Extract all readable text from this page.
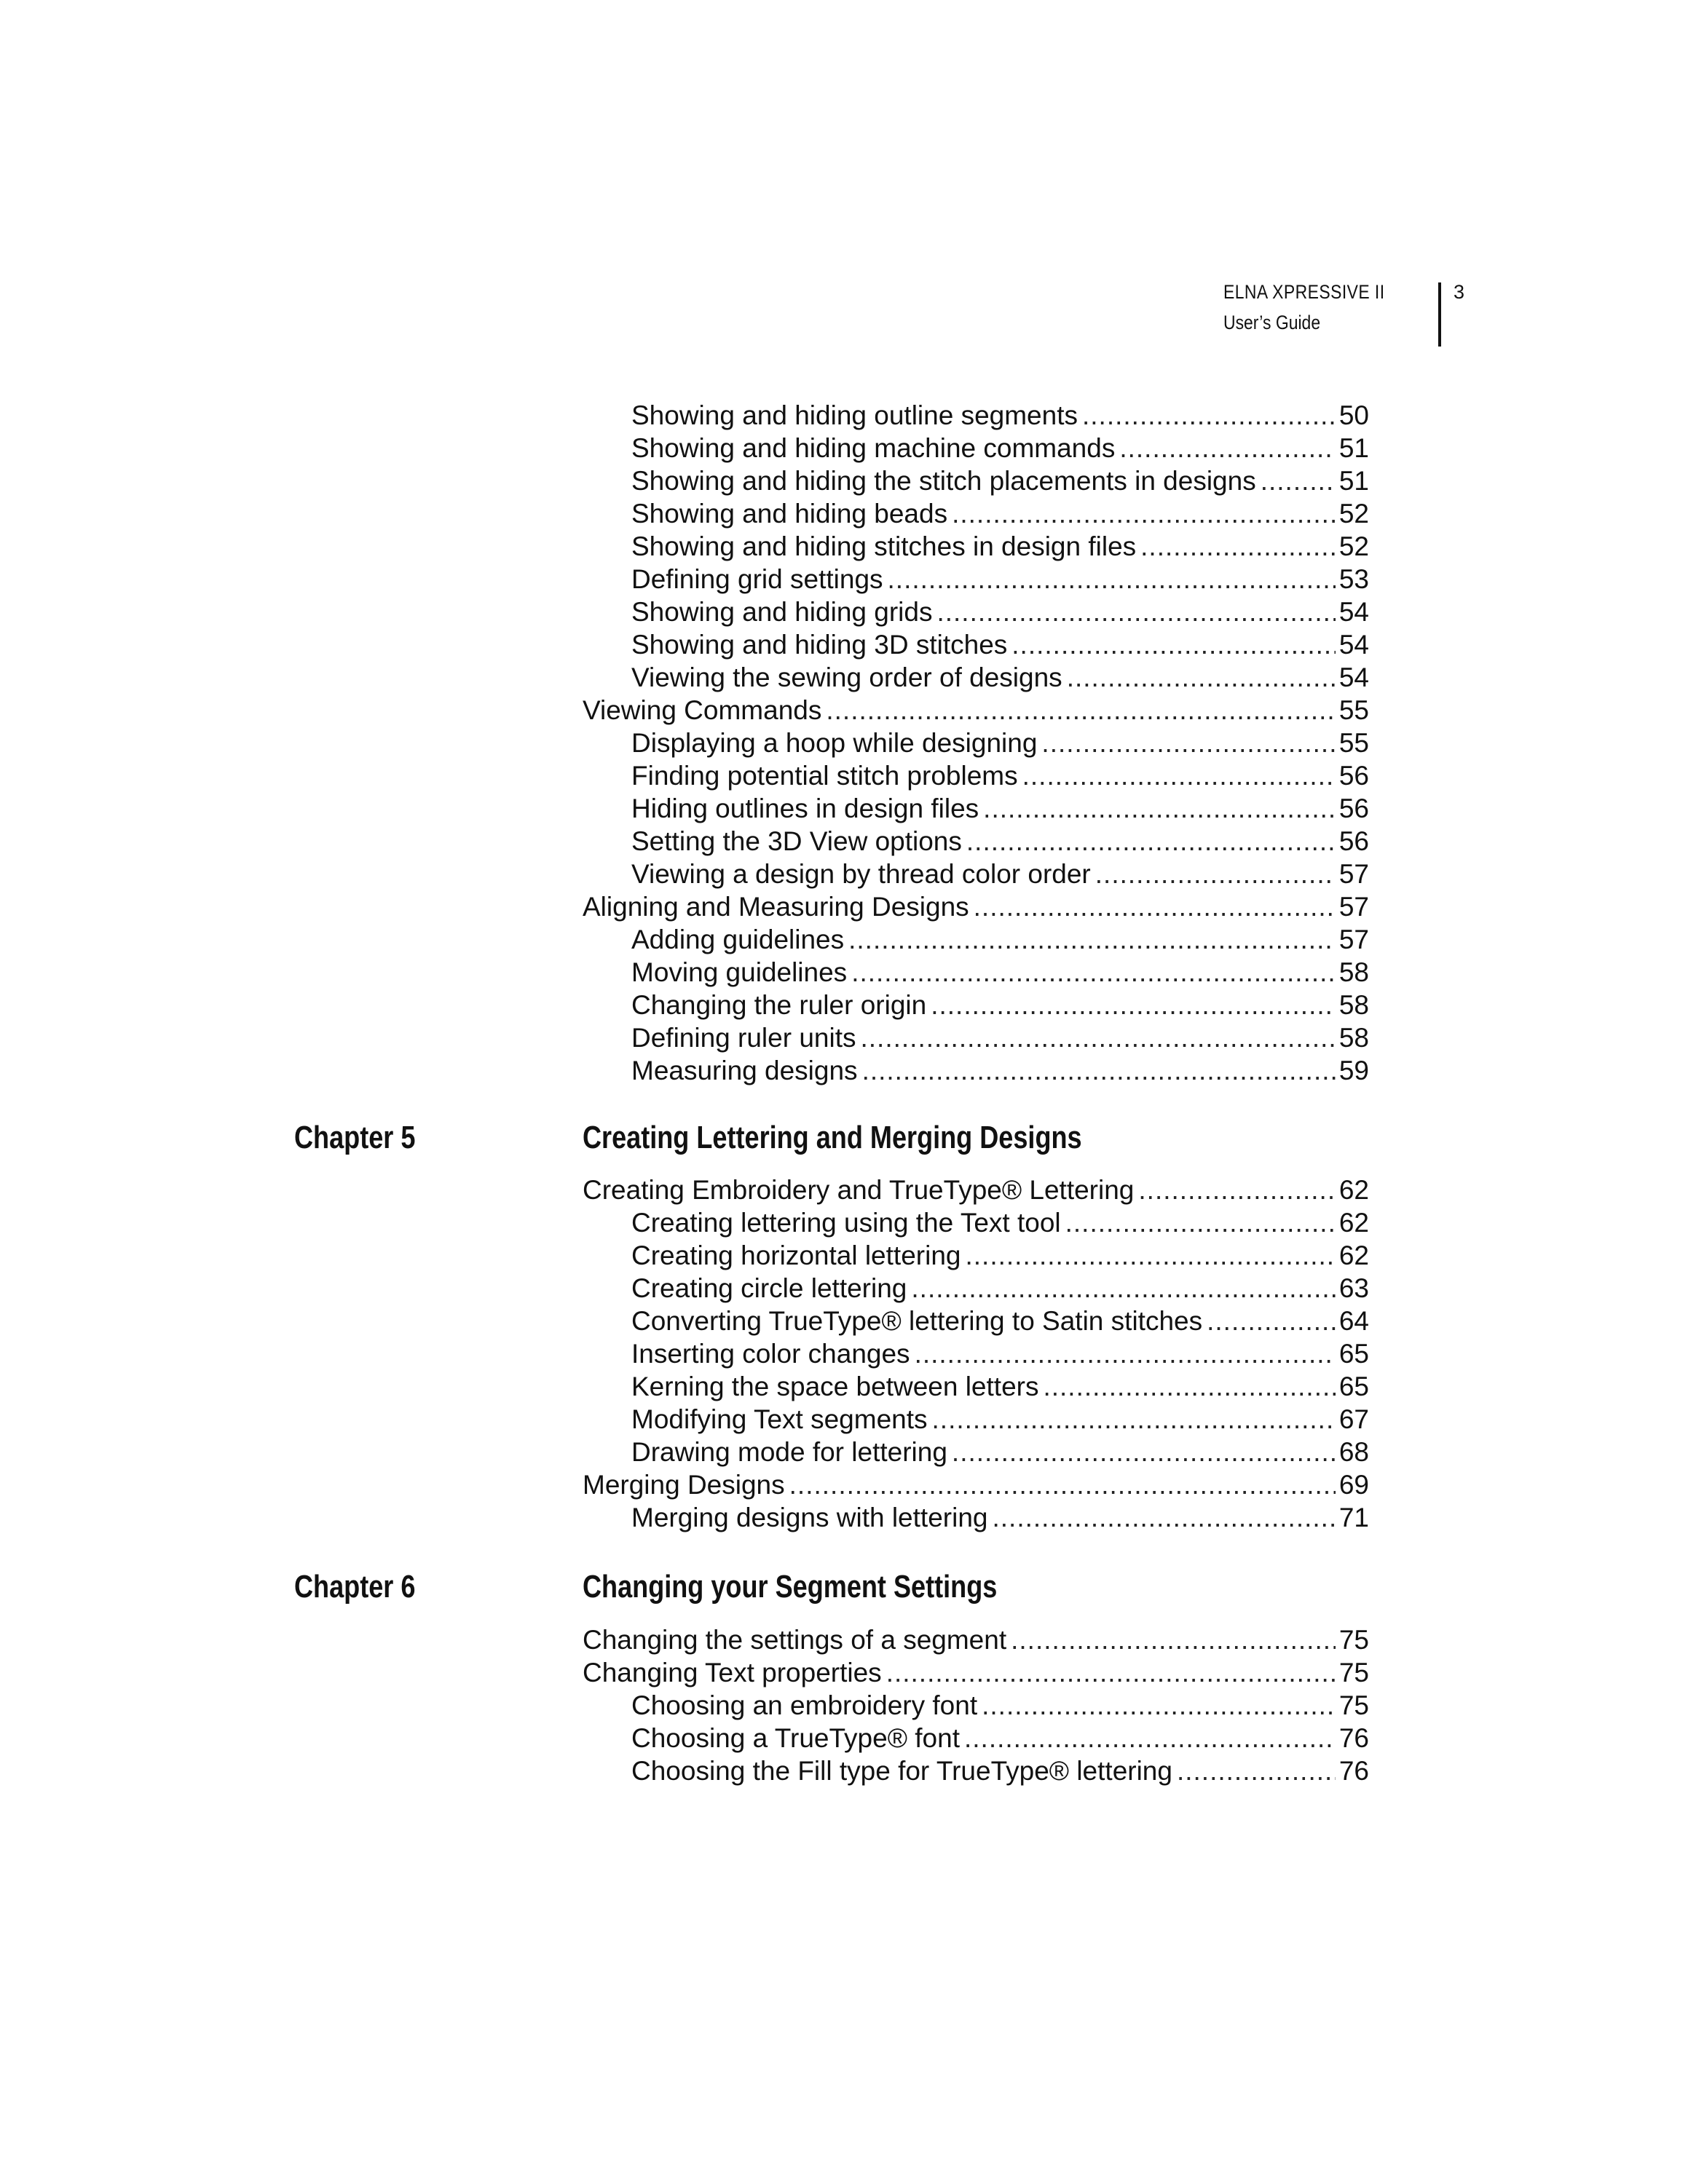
ELNA XPRESSIVE II
User’s Guide
3
Showing and hiding outline segments .....	50
Showing and hiding machine commands .....	51
Showing and hiding the stitch placements in designs .....	51
Showing and hiding beads .....	52
Showing and hiding stitches in design files .....	52
Defining grid settings .....	53
Showing and hiding grids .....	54
Showing and hiding 3D stitches .....	54
Viewing the sewing order of designs .....	54
Viewing Commands .....	55
Displaying a hoop while designing .....	55
Finding potential stitch problems .....	56
Hiding outlines in design files .....	56
Setting the 3D View options .....	56
Viewing a design by thread color order .....	57
Aligning and Measuring Designs .....	57
Adding guidelines .....	57
Moving guidelines .....	58
Changing the ruler origin .....	58
Defining ruler units .....	58
Measuring designs .....	59
Chapter 5	Creating Lettering and Merging Designs
Creating Embroidery and TrueType® Lettering .....	62
Creating lettering using the Text tool .....	62
Creating horizontal lettering .....	62
Creating circle lettering .....	63
Converting TrueType® lettering to Satin stitches .....	64
Inserting color changes .....	65
Kerning the space between letters .....	65
Modifying Text segments .....	67
Drawing mode for lettering .....	68
Merging Designs .....	69
Merging designs with lettering .....	71
Chapter 6	Changing your Segment Settings
Changing the settings of a segment .....	75
Changing Text properties .....	75
Choosing an embroidery font .....	75
Choosing a TrueType® font .....	76
Choosing the Fill type for TrueType® lettering .....	76
